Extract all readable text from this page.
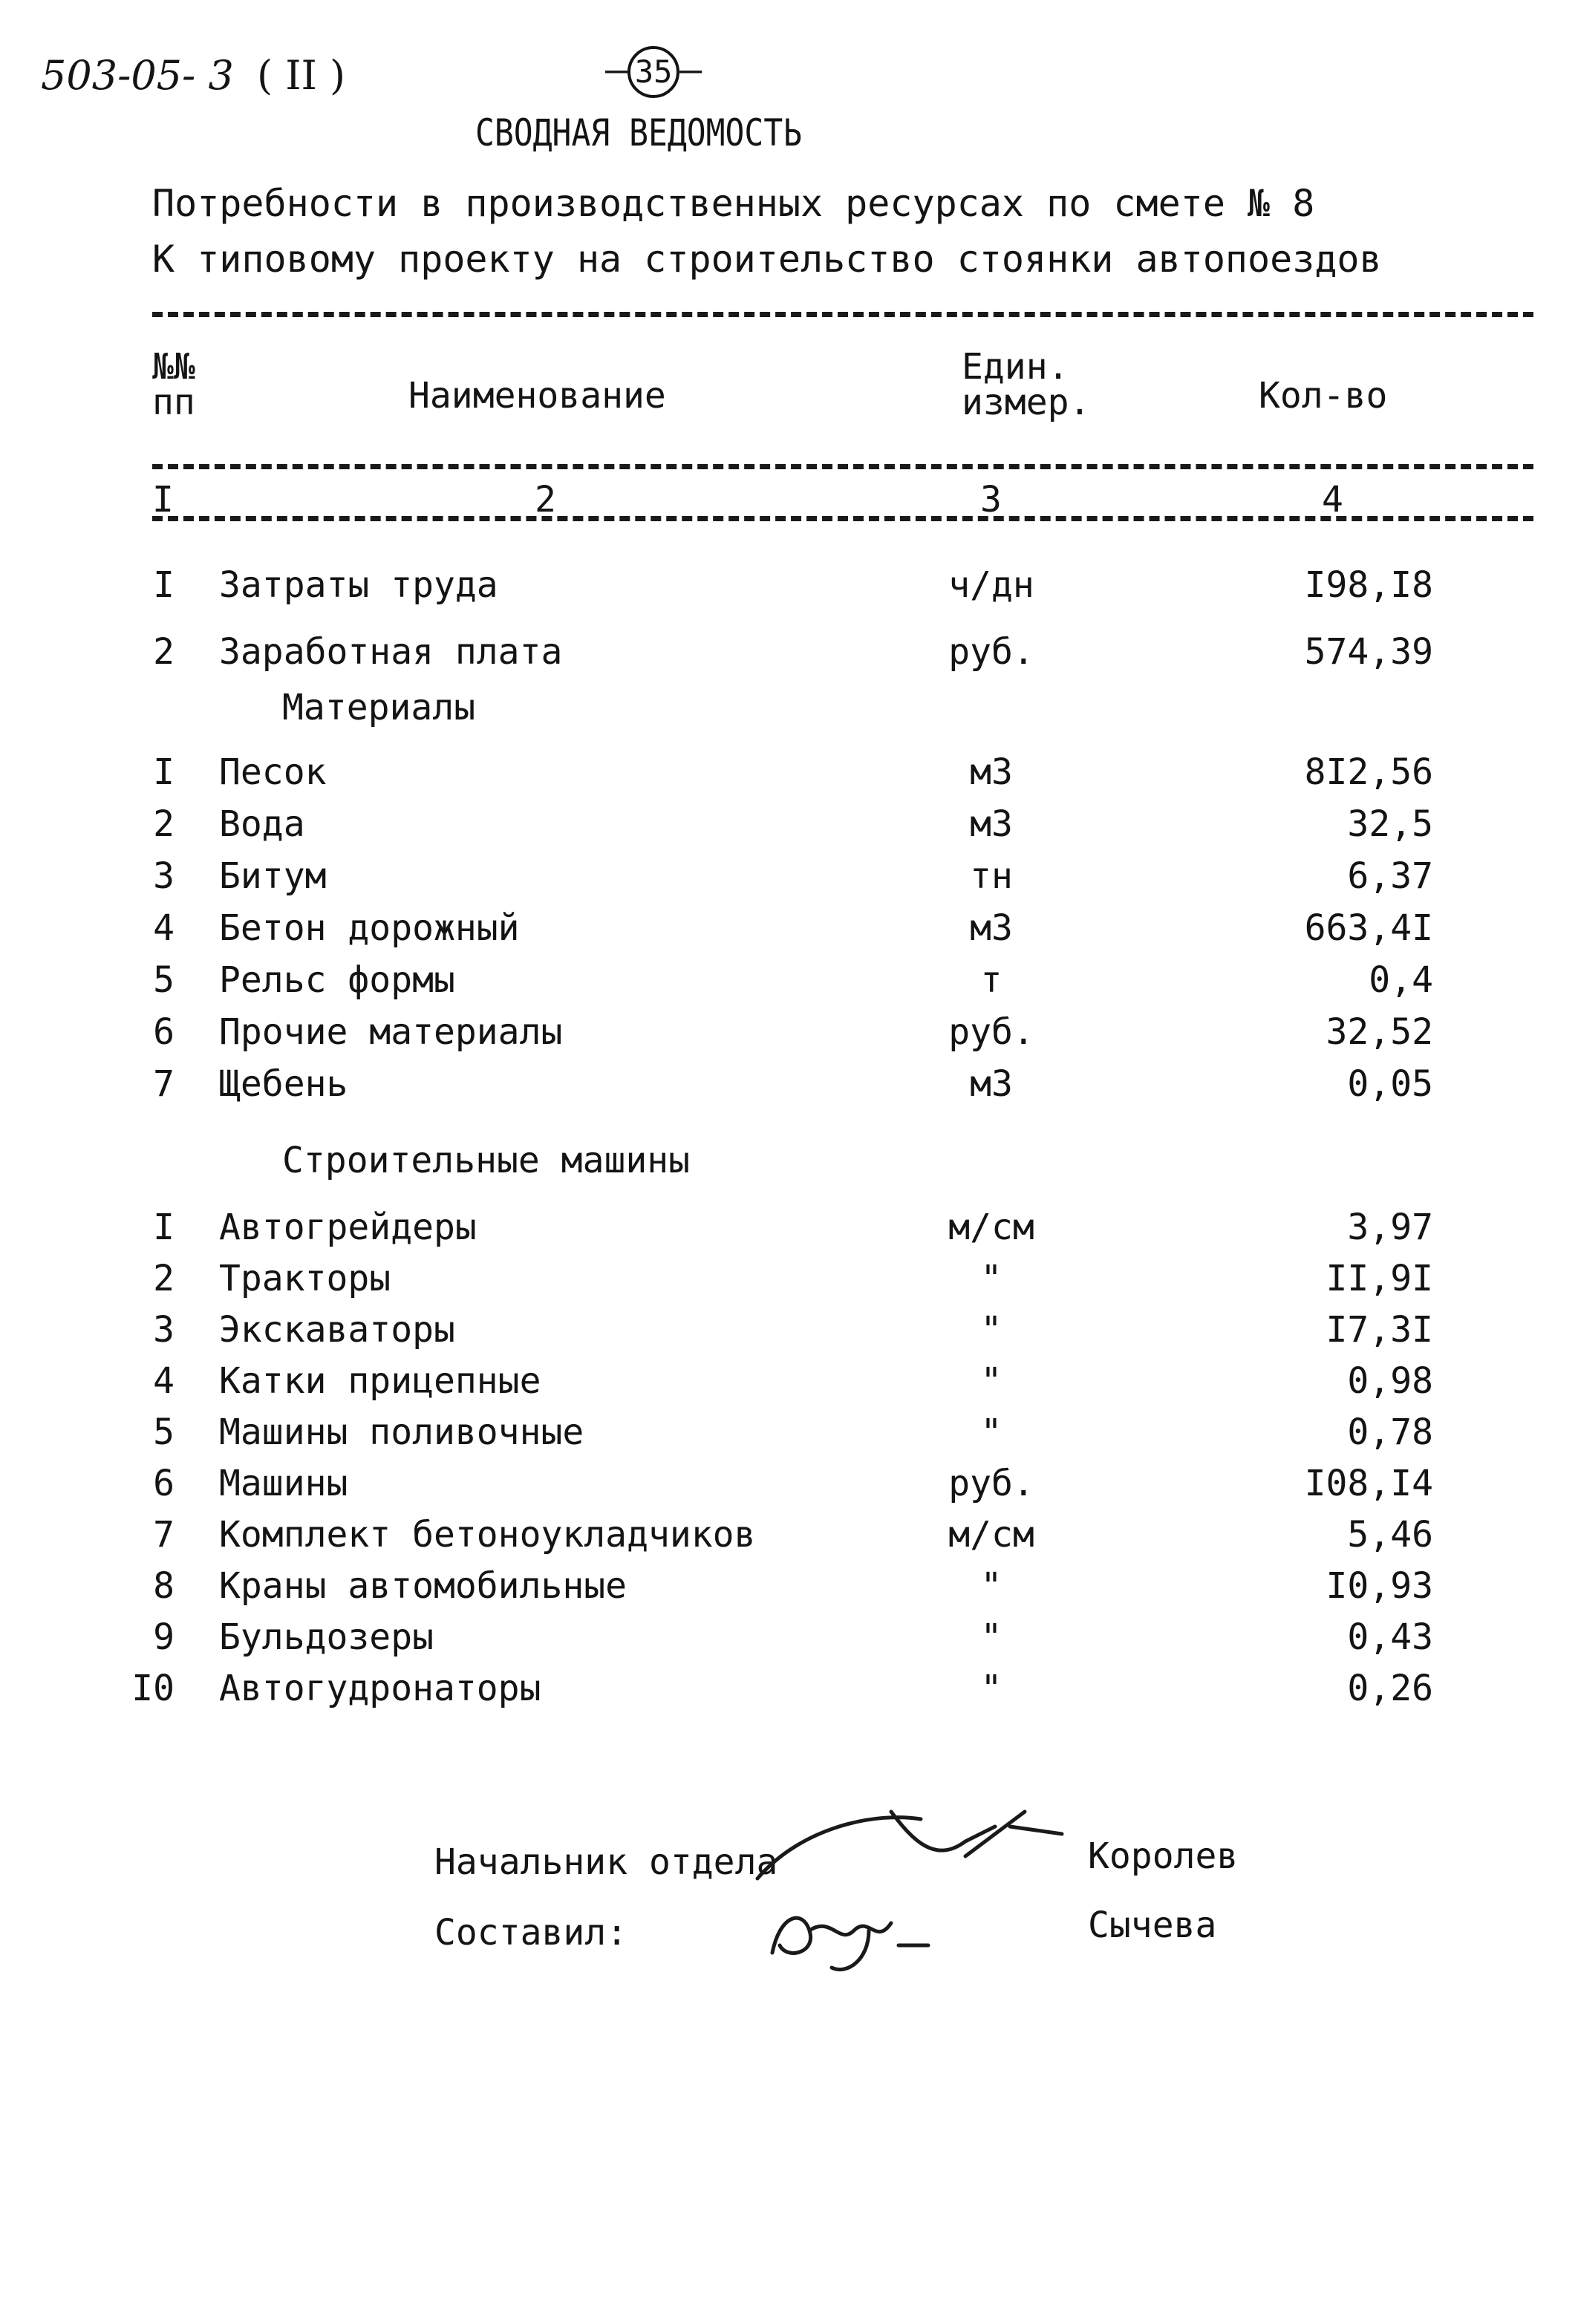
503-05- 3 ( II )	– 35 –
СВОДНАЯ ВЕДОМОСТЬ
Потребности в производственных ресурсах по смете № 8
К типовому проекту на строительство стоянки автопоездов
№№
пп	Наименование
Един.
измер.	Кол-во
I	2	3	4
I Затраты труда	ч/дн	I98,I8
2 Заработная плата	руб.	574,39
Материалы
I Песок	м3	8I2,56
2 Вода	м3	32,5
3 Битум	тн	6,37
4 Бетон дорожный	м3	663,4I
5 Рельс формы	т	0,4
6 Прочие материалы	руб.	32,52
7 Щебень	м3	0,05
Строительные машины
I Автогрейдеры	м/см	3,97
2 Тракторы	"	II,9I
3 Экскаваторы	"	I7,3I
4 Катки прицепные	"	0,98
5 Машины поливочные	"	0,78
6 Машины	руб.	I08,I4
7 Комплект бетоноукладчиков	м/см	5,46
8 Краны автомобильные	"	I0,93
9 Бульдозеры	"	0,43
I0 Автогудронаторы	"	0,26
Начальник отдела	Королев
Составил:	Сычева
